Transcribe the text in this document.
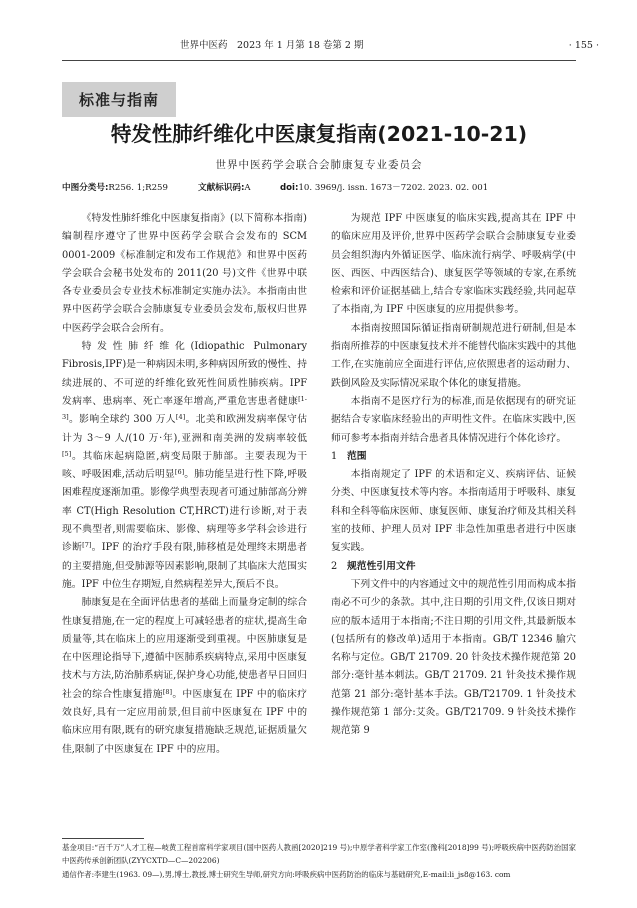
世界中医药　2023 年 1 月第 18 卷第 2 期	· 155 ·
标准与指南
特发性肺纤维化中医康复指南(2021-10-21)
世界中医药学会联合会肺康复专业委员会
中图分类号:R256. 1;R259	文献标识码:A	doi:10. 3969/j. issn. 1673－7202. 2023. 02. 001

《特发性肺纤维化中医康复指南》(以下简称本指南)编制程序遵守了世界中医药学会联合会发布的 SCM 0001-2009《标准制定和发布工作规范》和世界中医药学会联合会秘书处发布的 2011(20 号)文件《世界中联各专业委员会专业技术标准制定实施办法》。本指南由世界中医药学会联合会肺康复专业委员会发布,版权归世界中医药学会联合会所有。

特发性肺纤维化(Idiopathic Pulmonary Fibrosis,IPF)是一种病因未明,多种病因所致的慢性、持续进展的、不可逆的纤维化致死性间质性肺疾病。IPF 发病率、患病率、死亡率逐年增高,严重危害患者健康[1-3]。影响全球约 300 万人[4]。北美和欧洲发病率保守估计为 3～9 人/(10 万·年),亚洲和南美洲的发病率较低[5]。其临床起病隐匿,病变局限于肺部。主要表现为干咳、呼吸困难,活动后明显[6]。肺功能呈进行性下降,呼吸困难程度逐渐加重。影像学典型表现者可通过肺部高分辨率 CT(High Resolution CT,HRCT)进行诊断,对于表现不典型者,则需要临床、影像、病理等多学科会诊进行诊断[7]。IPF 的治疗手段有限,肺移植是处理终末期患者的主要措施,但受肺源等因素影响,限制了其临床大范围实施。IPF 中位生存期短,自然病程差异大,预后不良。

肺康复是在全面评估患者的基础上而量身定制的综合性康复措施,在一定的程度上可减轻患者的症状,提高生命质量等,其在临床上的应用逐渐受到重视。中医肺康复是在中医理论指导下,遵循中医肺系疾病特点,采用中医康复技术与方法,防治肺系病证,保护身心功能,使患者早日回归社会的综合性康复措施[8]。中医康复在 IPF 中的临床疗效良好,具有一定应用前景,但目前中医康复在 IPF 中的临床应用有限,既有的研究康复措施缺乏规范,证据质量欠佳,限制了中医康复在 IPF 中的应用。

为规范 IPF 中医康复的临床实践,提高其在 IPF 中的临床应用及评价,世界中医药学会联合会肺康复专业委员会组织海内外循证医学、临床流行病学、呼吸病学(中医、西医、中西医结合)、康复医学等领域的专家,在系统检索和评价证据基础上,结合专家临床实践经验,共同起草了本指南,为 IPF 中医康复的应用提供参考。

本指南按照国际循证指南研制规范进行研制,但是本指南所推荐的中医康复技术并不能替代临床实践中的其他工作,在实施前应全面进行评估,应依照患者的运动耐力、跌倒风险及实际情况采取个体化的康复措施。

本指南不是医疗行为的标准,而是依据现有的研究证据结合专家临床经验出的声明性文件。在临床实践中,医师可参考本指南并结合患者具体情况进行个体化诊疗。

1 范围

本指南规定了 IPF 的术语和定义、疾病评估、证候分类、中医康复技术等内容。本指南适用于呼吸科、康复科和全科等临床医师、康复医师、康复治疗师及其相关科室的技师、护理人员对 IPF 非急性加重患者进行中医康复实践。

2 规范性引用文件

下列文件中的内容通过文中的规范性引用而构成本指南必不可少的条款。其中,注日期的引用文件,仅该日期对应的版本适用于本指南;不注日期的引用文件,其最新版本(包括所有的修改单)适用于本指南。GB/T 12346 腧穴名称与定位。GB/T 21709. 20 针灸技术操作规范第 20 部分:毫针基本刺法。GB/T 21709. 21 针灸技术操作规范第 21 部分:毫针基本手法。GB/T21709. 1 针灸技术操作规范第 1 部分:艾灸。GB/T21709. 9 针灸技术操作规范第 9

基金项目:“百千万”人才工程—岐黄工程首席科学家项目(国中医药人教函[2020]219 号);中原学者科学家工作室(豫科[2018]99 号);呼吸疾病中医药防治国家中医药传承创新团队(ZYYCXTD—C—202206)

通信作者:李建生(1963. 09—),男,博士,教授,博士研究生导师,研究方向:呼吸疾病中医药防治的临床与基础研究,E-mail:li_js8@163. com
